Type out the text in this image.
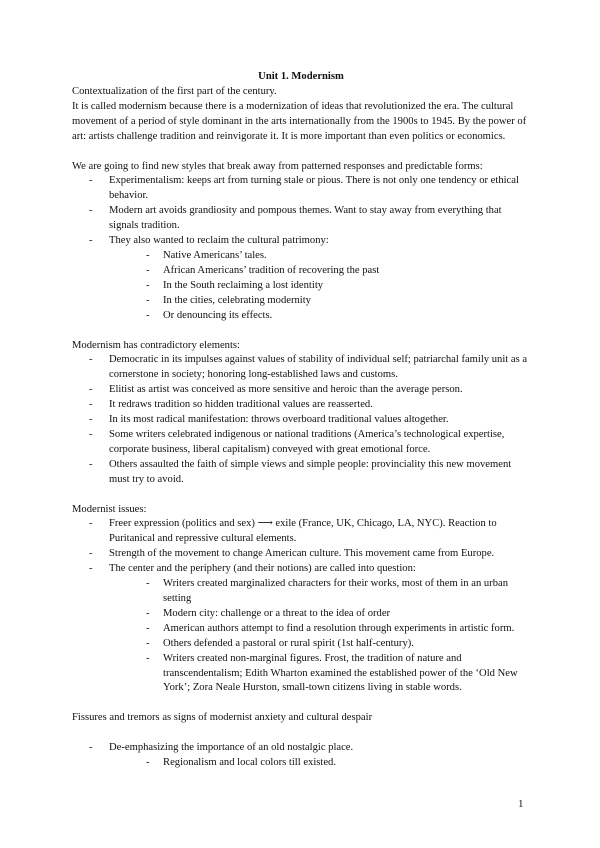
Unit 1. Modernism

Contextualization of the first part of the century.

It is called modernism because there is a modernization of ideas that revolutionized the era. The cultural movement of a period of style dominant in the arts internationally from the 1900s to 1945. By the power of art: artists challenge tradition and reinvigorate it. It is more important than even politics or economics.

We are going to find new styles that break away from patterned responses and predictable forms:

- Experimentalism: keeps art from turning stale or pious. There is not only one tendency or ethical behavior.
- Modern art avoids grandiosity and pompous themes. Want to stay away from everything that signals tradition.
- They also wanted to reclaim the cultural patrimony:
- Native Americans’ tales.
- African Americans’ tradition of recovering the past
- In the South reclaiming a lost identity
- In the cities, celebrating modernity
- Or denouncing its effects.

Modernism has contradictory elements:

- Democratic in its impulses against values of stability of individual self; patriarchal family unit as a cornerstone in society; honoring long-established laws and customs.
- Elitist as artist was conceived as more sensitive and heroic than the average person.
- It redraws tradition so hidden traditional values are reasserted.
- In its most radical manifestation: throws overboard traditional values altogether.
- Some writers celebrated indigenous or national traditions (America’s technological expertise, corporate business, liberal capitalism) conveyed with great emotional force.
- Others assaulted the faith of simple views and simple people: provinciality this new movement must try to avoid.

Modernist issues:

- Freer expression (politics and sex) ⟶ exile (France, UK, Chicago, LA, NYC). Reaction to Puritanical and repressive cultural elements.
- Strength of the movement to change American culture. This movement came from Europe.
- The center and the periphery (and their notions) are called into question:
- Writers created marginalized characters for their works, most of them in an urban setting
- Modern city: challenge or a threat to the idea of order
- American authors attempt to find a resolution through experiments in artistic form.
- Others defended a pastoral or rural spirit (1st half-century).
- Writers created non-marginal figures. Frost, the tradition of nature and transcendentalism; Edith Wharton examined the established power of the ‘Old New York’; Zora Neale Hurston, small-town citizens living in stable words.

Fissures and tremors as signs of modernist anxiety and cultural despair

- De-emphasizing the importance of an old nostalgic place.
- Regionalism and local colors till existed.
1
